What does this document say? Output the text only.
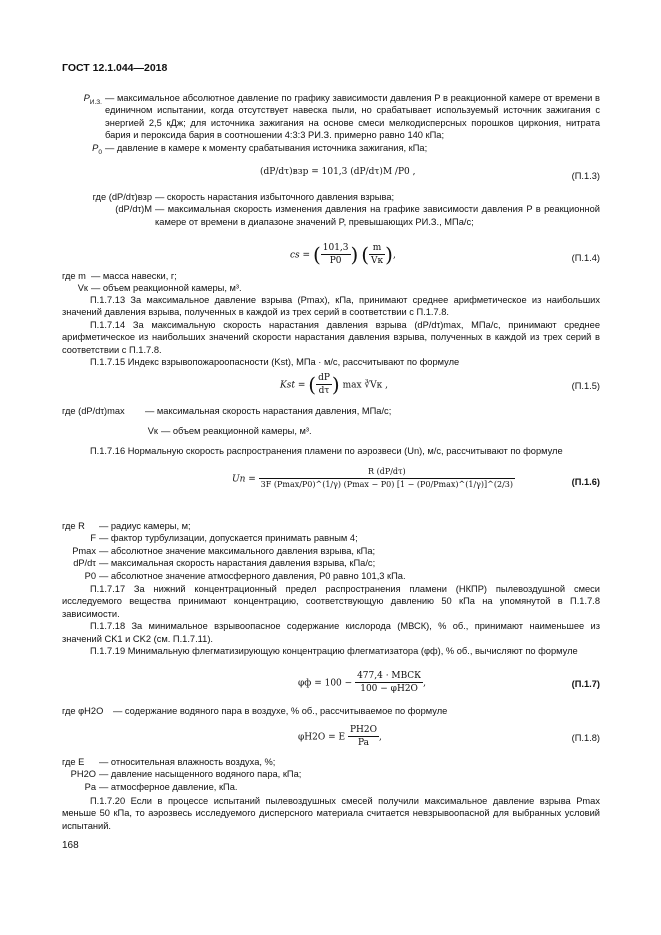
ГОСТ 12.1.044—2018
$P_{И.З.}$ — максимальное абсолютное давление по графику зависимости давления P в реакционной камере от времени в единичном испытании, когда отсутствует навеска пыли, но срабатывает используемый источник зажигания с энергией 2,5 кДж; для источника зажигания на основе смеси мелкодисперсных порошков циркония, нитрата бария и пероксида бария в соотношении 4:3:3 PИ.З. примерно равно 140 кПа;
$P_0$ — давление в камере к моменту срабатывания источника зажигания, кПа;
(dP/dτ)взр = 101,3 (dP/dτ)M /P0 ,	(П.1.3)
где (dP/dτ)взр — скорость нарастания избыточного давления взрыва;
(dP/dτ)M — максимальная скорость изменения давления на графике зависимости давления P в реакционной камере от времени в диапазоне значений P, превышающих PИ.З., МПа/с;
cs = ( $\frac{101,3}{P0}$ ) ( $\frac{m}{Vк}$ ),	(П.1.4)
где m — масса навески, г;
Vк — объем реакционной камеры, м³.

П.1.7.13 За максимальное давление взрыва (Pmax), кПа, принимают среднее арифметическое из наибольших значений давления взрыва, полученных в каждой из трех серий в соответствии с П.1.7.8.

П.1.7.14 За максимальную скорость нарастания давления взрыва (dP/dτ)max, МПа/с, принимают среднее арифметическое из наибольших значений скорости нарастания давления взрыва, полученных в каждой из трех серий в соответствии с П.1.7.8.

П.1.7.15 Индекс взрывопожароопасности (Kst), МПа · м/с, рассчитывают по формуле

Kst = ( $\frac{dP}{d\tau}$ ) max ∛Vк ,	(П.1.5)
где (dP/dτ)max	— максимальная скорость нарастания давления, МПа/с;
Vк — объем реакционной камеры, м³.

П.1.7.16 Нормальную скорость распространения пламени по аэрозвеси (Un), м/с, рассчитывают по формуле

$Un = \frac{R (dP/d\tau)}{3F (Pmax/P0)\^{}(1/\gamma) (Pmax - P0) [1 - (P0/Pmax)\^{}(1/\gamma)]\^{}(2/3)}$	(П.1.6)
где R	— радиус камеры, м;
F — фактор турбулизации, допускается принимать равным 4;
Pmax — абсолютное значение максимального давления взрыва, кПа;
dP/dτ — максимальная скорость нарастания давления взрыва, кПа/с;
P0 — абсолютное значение атмосферного давления, P0 равно 101,3 кПа.

П.1.7.17 За нижний концентрационный предел распространения пламени (НКПР) пылевоздушной смеси исследуемого вещества принимают концентрацию, соответствующую давлению 50 кПа на упомянутой в П.1.7.8 зависимости.

П.1.7.18 За минимальное взрывоопасное содержание кислорода (МВСК), % об., принимают наименьшее из значений CK1 и CK2 (см. П.1.7.11).

П.1.7.19 Минимальную флегматизирующую концентрацию флегматизатора (φф), % об., вычисляют по формуле

$\varphi ф = 100 - \frac{\text{477,4 · МВСК}}{100 - \varphi H2O}$ ,	(П.1.7)
где φH2O	— содержание водяного пара в воздухе, % об., рассчитываемое по формуле
φH2O = E $\frac{PH2O}{Pa}$ ,	(П.1.8)
где E	— относительная влажность воздуха, %;
PH2O — давление насыщенного водяного пара, кПа;
Pa — атмосферное давление, кПа.

П.1.7.20 Если в процессе испытаний пылевоздушных смесей получили максимальное давление взрыва Pmax меньше 50 кПа, то аэрозвесь исследуемого дисперсного материала считается невзрывоопасной для выбранных условий испытаний.

168
